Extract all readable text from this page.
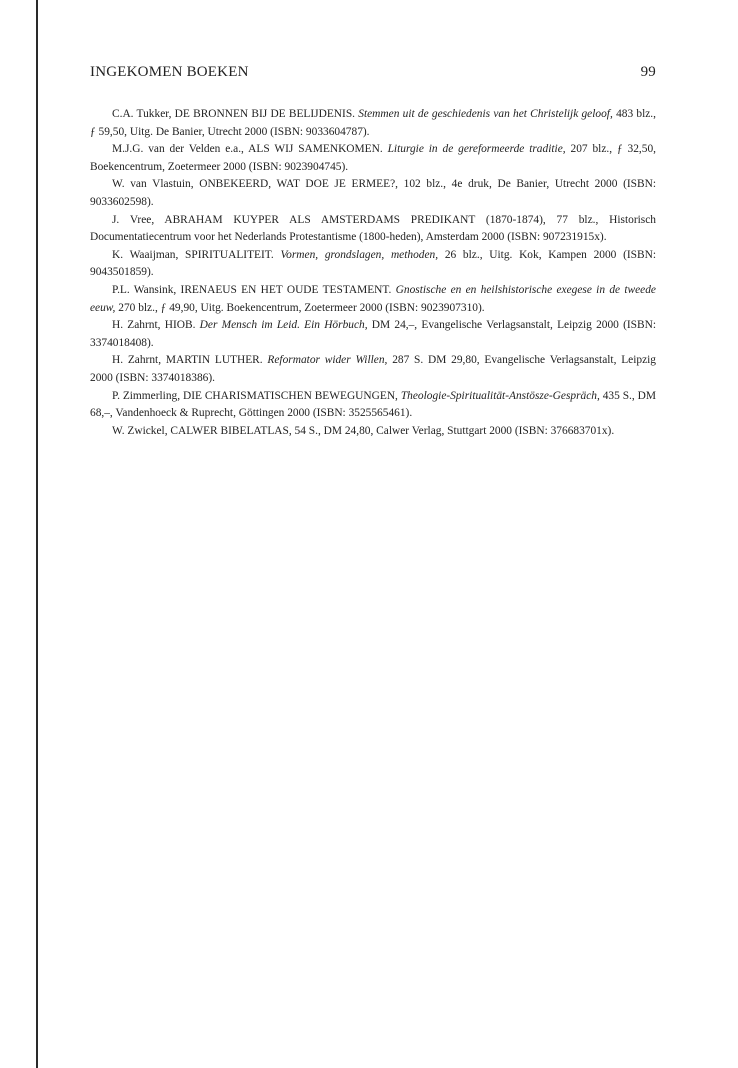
INGEKOMEN BOEKEN	99

C.A. Tukker, DE BRONNEN BIJ DE BELIJDENIS. Stemmen uit de geschiedenis van het Christelijk geloof, 483 blz., ƒ 59,50, Uitg. De Banier, Utrecht 2000 (ISBN: 9033604787).

M.J.G. van der Velden e.a., ALS WIJ SAMENKOMEN. Liturgie in de gereformeerde traditie, 207 blz., ƒ 32,50, Boekencentrum, Zoetermeer 2000 (ISBN: 9023904745).

W. van Vlastuin, ONBEKEERD, WAT DOE JE ERMEE?, 102 blz., 4e druk, De Banier, Utrecht 2000 (ISBN: 9033602598).

J. Vree, ABRAHAM KUYPER ALS AMSTERDAMS PREDIKANT (1870-1874), 77 blz., Historisch Documentatiecentrum voor het Nederlands Protestantisme (1800-heden), Amsterdam 2000 (ISBN: 907231915x).

K. Waaijman, SPIRITUALITEIT. Vormen, grondslagen, methoden, 26 blz., Uitg. Kok, Kampen 2000 (ISBN: 9043501859).

P.L. Wansink, IRENAEUS EN HET OUDE TESTAMENT. Gnostische en en heilshistorische exegese in de tweede eeuw, 270 blz., ƒ 49,90, Uitg. Boekencentrum, Zoetermeer 2000 (ISBN: 9023907310).

H. Zahrnt, HIOB. Der Mensch im Leid. Ein Hörbuch, DM 24,–, Evangelische Verlagsanstalt, Leipzig 2000 (ISBN: 3374018408).

H. Zahrnt, MARTIN LUTHER. Reformator wider Willen, 287 S. DM 29,80, Evangelische Verlagsanstalt, Leipzig 2000 (ISBN: 3374018386).

P. Zimmerling, DIE CHARISMATISCHEN BEWEGUNGEN, Theologie-Spiritualität-Anstösze-Gespräch, 435 S., DM 68,–, Vandenhoeck & Ruprecht, Göttingen 2000 (ISBN: 3525565461).

W. Zwickel, CALWER BIBELATLAS, 54 S., DM 24,80, Calwer Verlag, Stuttgart 2000 (ISBN: 376683701x).
